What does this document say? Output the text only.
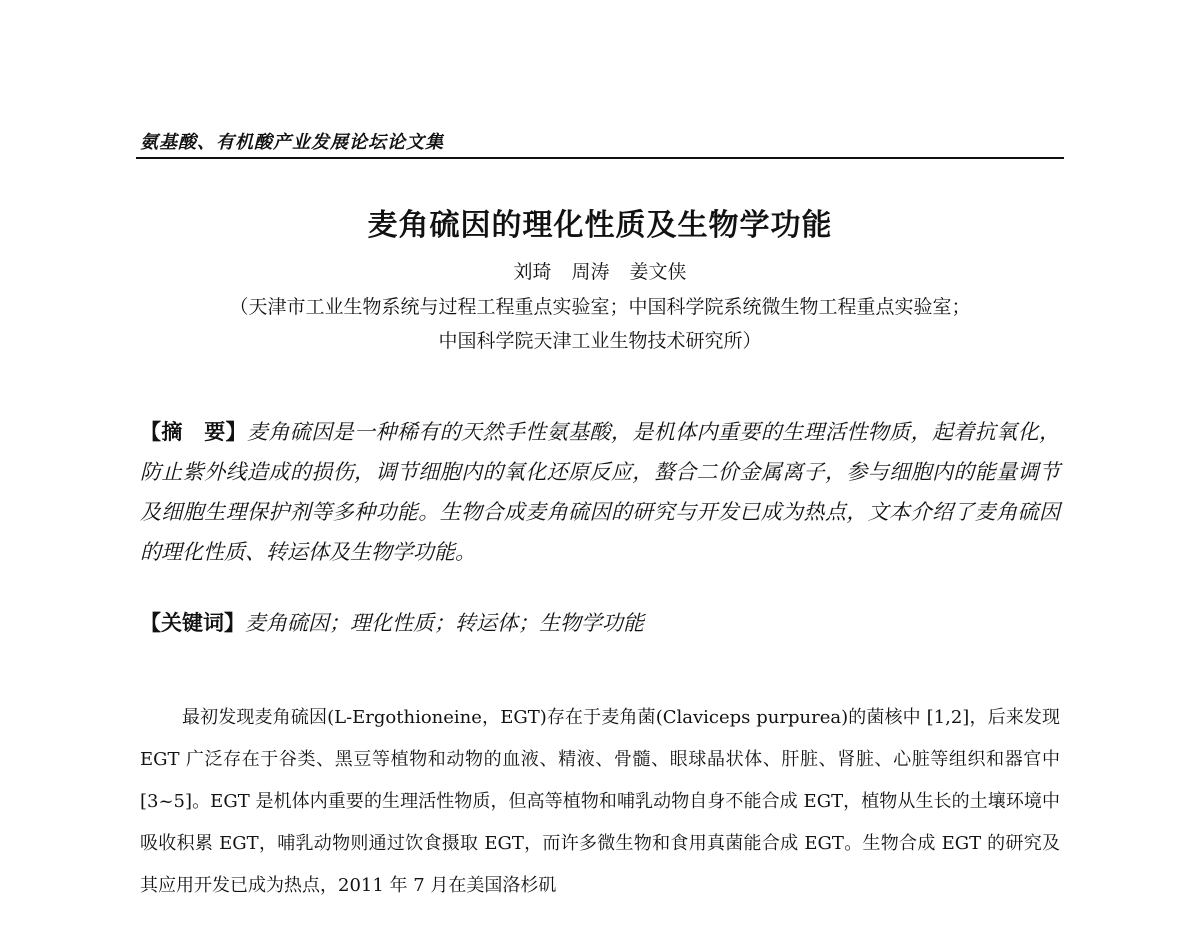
氨基酸、有机酸产业发展论坛论文集
麦角硫因的理化性质及生物学功能
刘琦 周涛 姜文侠
（天津市工业生物系统与过程工程重点实验室；中国科学院系统微生物工程重点实验室；
中国科学院天津工业生物技术研究所）
【摘　要】麦角硫因是一种稀有的天然手性氨基酸，是机体内重要的生理活性物质，起着抗氧化，防止紫外线造成的损伤，调节细胞内的氧化还原反应，螯合二价金属离子，参与细胞内的能量调节及细胞生理保护剂等多种功能。生物合成麦角硫因的研究与开发已成为热点，文本介绍了麦角硫因的理化性质、转运体及生物学功能。
【关键词】麦角硫因；理化性质；转运体；生物学功能
最初发现麦角硫因(L-Ergothioneine，EGT)存在于麦角菌(Claviceps purpurea)的菌核中 [1,2]，后来发现 EGT 广泛存在于谷类、黑豆等植物和动物的血液、精液、骨髓、眼球晶状体、肝脏、肾脏、心脏等组织和器官中[3~5]。EGT 是机体内重要的生理活性物质，但高等植物和哺乳动物自身不能合成 EGT，植物从生长的土壤环境中吸收积累 EGT，哺乳动物则通过饮食摄取 EGT，而许多微生物和食用真菌能合成 EGT。生物合成 EGT 的研究及其应用开发已成为热点，2011 年 7 月在美国洛杉矶
